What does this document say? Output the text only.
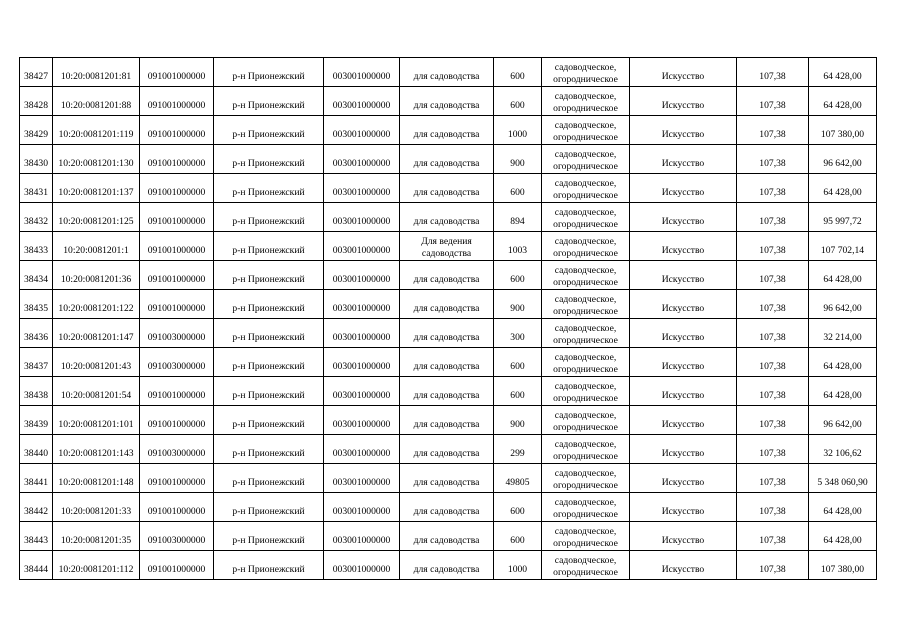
38427	10:20:0081201:81	091001000000	р-н Прионежский	003001000000	для садоводства	600	садоводческое,
огородническое	Искусство	107,38	64 428,00

38428	10:20:0081201:88	091001000000	р-н Прионежский	003001000000	для садоводства	600	садоводческое,
огородническое	Искусство	107,38	64 428,00

38429	10:20:0081201:119	091001000000	р-н Прионежский	003001000000	для садоводства	1000	садоводческое,
огородническое	Искусство	107,38	107 380,00

38430	10:20:0081201:130	091001000000	р-н Прионежский	003001000000	для садоводства	900	садоводческое,
огородническое	Искусство	107,38	96 642,00

38431	10:20:0081201:137	091001000000	р-н Прионежский	003001000000	для садоводства	600	садоводческое,
огородническое	Искусство	107,38	64 428,00

38432	10:20:0081201:125	091001000000	р-н Прионежский	003001000000	для садоводства	894	садоводческое,
огородническое	Искусство	107,38	95 997,72

38433	10:20:0081201:1	091001000000	р-н Прионежский	003001000000	Для ведения
садоводства	1003	садоводческое,
огородническое	Искусство	107,38	107 702,14

38434	10:20:0081201:36	091001000000	р-н Прионежский	003001000000	для садоводства	600	садоводческое,
огородническое	Искусство	107,38	64 428,00

38435	10:20:0081201:122	091001000000	р-н Прионежский	003001000000	для садоводства	900	садоводческое,
огородническое	Искусство	107,38	96 642,00

38436	10:20:0081201:147	091003000000	р-н Прионежский	003001000000	для садоводства	300	садоводческое,
огородническое	Искусство	107,38	32 214,00

38437	10:20:0081201:43	091003000000	р-н Прионежский	003001000000	для садоводства	600	садоводческое,
огородническое	Искусство	107,38	64 428,00

38438	10:20:0081201:54	091001000000	р-н Прионежский	003001000000	для садоводства	600	садоводческое,
огородническое	Искусство	107,38	64 428,00

38439	10:20:0081201:101	091001000000	р-н Прионежский	003001000000	для садоводства	900	садоводческое,
огородническое	Искусство	107,38	96 642,00

38440	10:20:0081201:143	091003000000	р-н Прионежский	003001000000	для садоводства	299	садоводческое,
огородническое	Искусство	107,38	32 106,62

38441	10:20:0081201:148	091001000000	р-н Прионежский	003001000000	для садоводства	49805	садоводческое,
огородническое	Искусство	107,38	5 348 060,90

38442	10:20:0081201:33	091001000000	р-н Прионежский	003001000000	для садоводства	600	садоводческое,
огородническое	Искусство	107,38	64 428,00

38443	10:20:0081201:35	091003000000	р-н Прионежский	003001000000	для садоводства	600	садоводческое,
огородническое	Искусство	107,38	64 428,00

38444	10:20:0081201:112	091001000000	р-н Прионежский	003001000000	для садоводства	1000	садоводческое,
огородническое	Искусство	107,38	107 380,00
